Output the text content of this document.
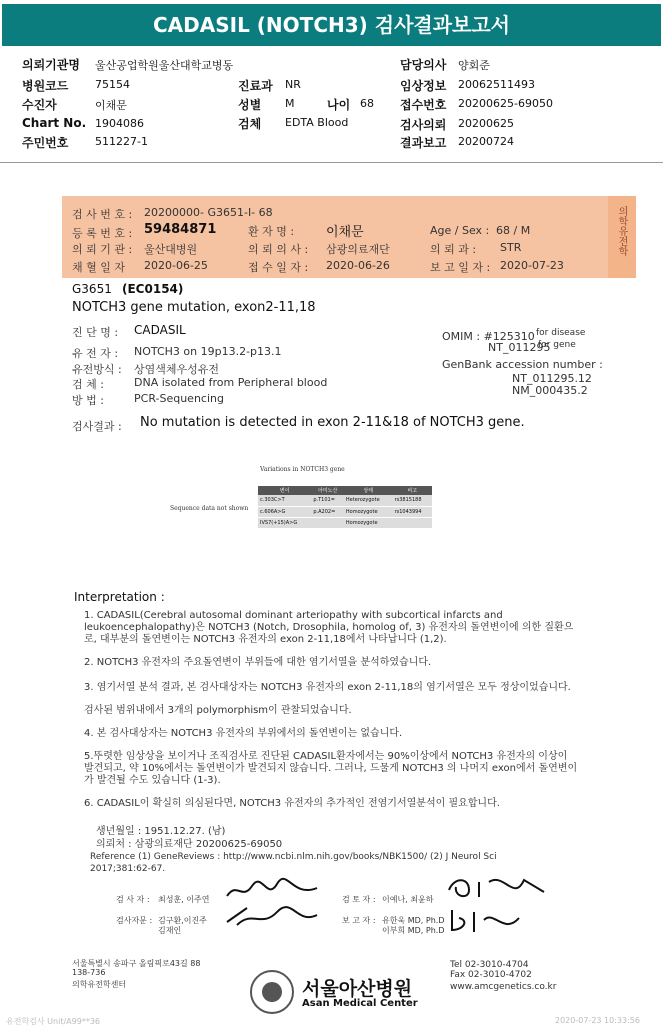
CADASIL (NOTCH3) 검사결과보고서
의뢰기관명 울산공업학원울산대학교병동
병원코드 75154
수진자	이채문
Chart No. 1904086
주민번호 511227-1
진료과 NR
성별 M	나이 68
검체 EDTA Blood
담당의사 양회준
임상정보 20062511493
접수번호 20200625-69050
검사의뢰 20200625
결과보고 20200724
의학유전학
검 사 번 호 : 20200000- G3651-I- 68
등 록 번 호 : 59484871	환 자 명 : 이채문	Age / Sex : 68 / M
의 뢰 기 관 : 울산대병원	의 뢰 의 사 : 삼광의료재단	의 뢰 과 : STR
채 혈 일 자 2020-06-25	접 수 일 자 : 2020-06-26	보 고 일 자 : 2020-07-23
G3651 (EC0154)
NOTCH3 gene mutation, exon2-11,18
진 단 명 : CADASIL
유 전 자 : NOTCH3 on 19p13.2-p13.1
유전방식 : 상염색체우성유전
검 체 :	DNA isolated from Peripheral blood
방 법 :	PCR-Sequencing
OMIM : #125310 for disease
NT_011295
for gene
GenBank accession number :
NT_011295.12
NM_000435.2
검사결과 : No mutation is detected in exon 2-11&18 of NOTCH3 gene.
Variations in NOTCH3 gene
Sequence data not shown
변이	아미노산	상태	비고
c.303C>T	p.T101=	Heterozygote	rs3815188
c.606A>G	p.A202=	Homozygote	rs1043994
IVS7(+15)A>G		Homozygote	
Interpretation :
1. CADASIL(Cerebral autosomal dominant arteriopathy with subcortical infarcts and leukoencephalopathy)은 NOTCH3 (Notch, Drosophila, homolog of, 3) 유전자의 돌연변이에 의한 질환으로, 대부분의 돌연변이는 NOTCH3 유전자의 exon 2-11,18에서 나타납니다 (1,2).
2. NOTCH3 유전자의 주요돌연변이 부위들에 대한 염기서열을 분석하였습니다.
3. 염기서열 분석 결과, 본 검사대상자는 NOTCH3 유전자의 exon 2-11,18의 염기서열은 모두 정상이었습니다.
검사된 범위내에서 3개의 polymorphism이 관찰되었습니다.
4. 본 검사대상자는 NOTCH3 유전자의 부위에서의 돌연변이는 없습니다.
5.뚜렷한 임상상을 보이거나 조직검사로 진단된 CADASIL환자에서는 90%이상에서 NOTCH3 유전자의 이상이 발견되고, 약 10%에서는 돌연변이가 발견되지 않습니다. 그러나, 드물게 NOTCH3 의 나머지 exon에서 돌연변이가 발견될 수도 있습니다 (1-3).
6. CADASIL이 확실히 의심된다면, NOTCH3 유전자의 추가적인 전염기서열분석이 필요합니다.
생년월일 : 1951.12.27. (남)
의뢰처 : 삼광의료재단 20200625-69050
Reference (1) GeneReviews : http://www.ncbi.nlm.nih.gov/books/NBK1500/ (2) J Neurol Sci 2017;381:62-67.
검 사 자 : 최성훈, 이주연	검 토 자 : 이예나, 최윤하
검사자문 : 김구환,이진주
김재인
보 고 자 : 유한욱 MD, Ph.D
이부희 MD, Ph.D
서울특별시 송파구 올림픽로43길 88
138-736
의학유전학센터	서울아산병원
Asan Medical Center
Tel 02-3010-4704
Fax 02-3010-4702
www.amcgenetics.co.kr
유전학검사 Unit/A99**36	2020-07-23 10:33:56
